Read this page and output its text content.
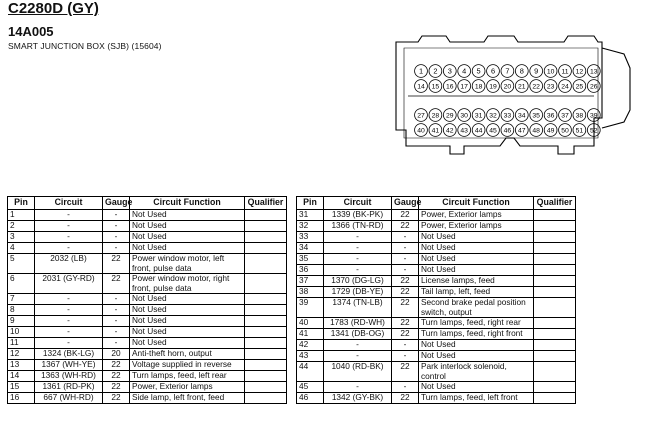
C2280D (GY)
14A005
SMART JUNCTION BOX (SJB) (15604)
1 2 3 4 5 6 7 8 9 10 11 12 13
14 15 16 17 18 19 20 21 22 23 24 25 26
27 28 29 30 31 32 33 34 35 36 37 38 39
40 41 42 43 44 45 46 47 48 49 50 51 52
Pin	Circuit	Gauge	Circuit Function	Qualifier
1	-	-	Not Used	
2	-	-	Not Used	
3	-	-	Not Used	
4	-	-	Not Used	
5	2032 (LB)	22	Power window motor, left front, pulse data	
6	2031 (GY-RD)	22	Power window motor, right front, pulse data	
7	-	-	Not Used	
8	-	-	Not Used	
9	-	-	Not Used	
10	-	-	Not Used	
11	-	-	Not Used	
12	1324 (BK-LG)	20	Anti-theft horn, output	
13	1367 (WH-YE)	22	Voltage supplied in reverse	
14	1363 (WH-RD)	22	Turn lamps, feed, left rear	
15	1361 (RD-PK)	22	Power, Exterior lamps	
16	667 (WH-RD)	22	Side lamp, left front, feed	
Pin	Circuit	Gauge	Circuit Function	Qualifier
31	1339 (BK-PK)	22	Power, Exterior lamps	
32	1366 (TN-RD)	22	Power, Exterior lamps	
33	-	-	Not Used	
34	-	-	Not Used	
35	-	-	Not Used	
36	-	-	Not Used	
37	1370 (DG-LG)	22	License lamps, feed	
38	1729 (DB-YE)	22	Tail lamp, left, feed	
39	1374 (TN-LB)	22	Second brake pedal position switch, output	
40	1783 (RD-WH)	22	Turn lamps, feed, right rear	
41	1341 (DB-OG)	22	Turn lamps, feed, right front	
42	-	-	Not Used	
43	-	-	Not Used	
44	1040 (RD-BK)	22	Park interlock solenoid, control	
45	-	-	Not Used	
46	1342 (GY-BK)	22	Turn lamps, feed, left front	
